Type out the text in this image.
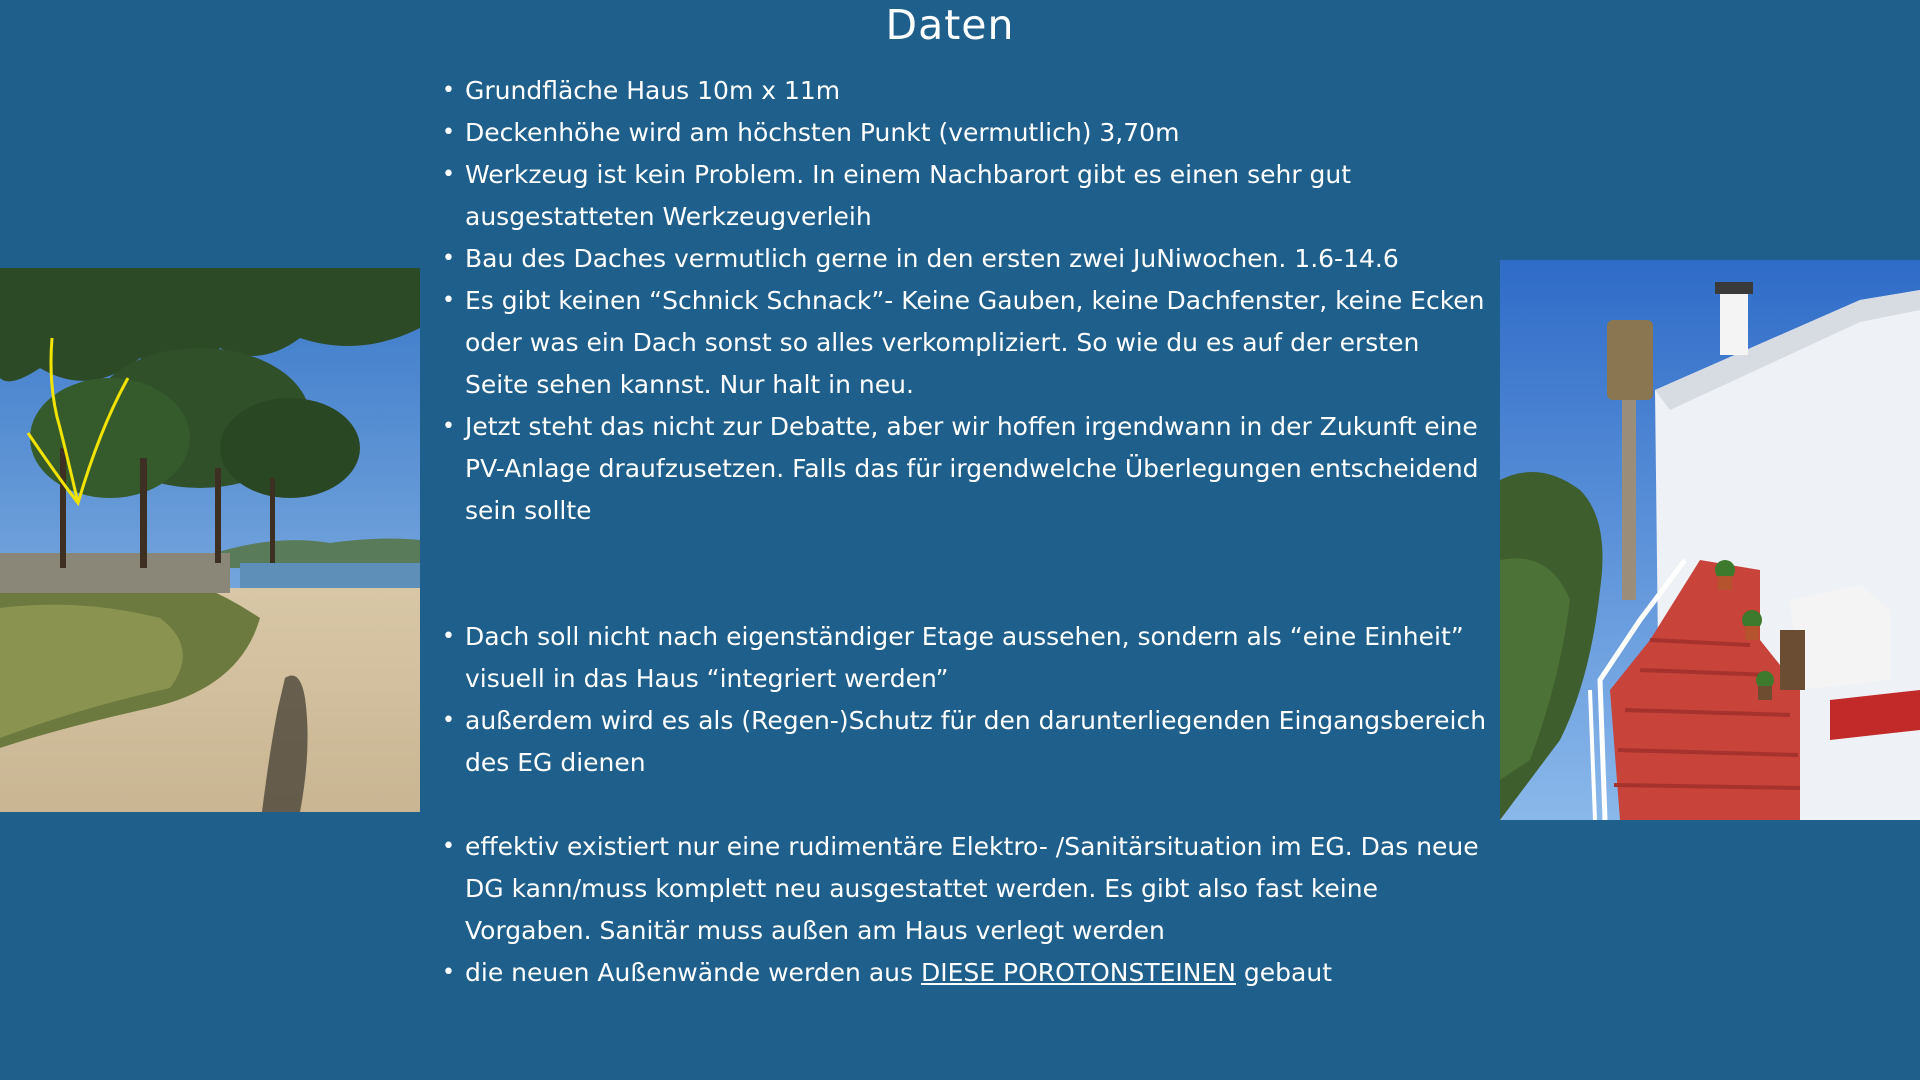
Daten
• Grundfläche Haus 10m x 11m
• Deckenhöhe wird am höchsten Punkt (vermutlich) 3,70m
• Werkzeug ist kein Problem. In einem Nachbarort gibt es einen sehr gut ausgestatteten Werkzeugverleih
• Bau des Daches vermutlich gerne in den ersten zwei JuNiwochen. 1.6-14.6
• Es gibt keinen “Schnick Schnack”- Keine Gauben, keine Dachfenster, keine Ecken oder was ein Dach sonst so alles verkompliziert. So wie du es auf der ersten Seite sehen kannst. Nur halt in neu.
• Jetzt steht das nicht zur Debatte, aber wir hoffen irgendwann in der Zukunft eine PV-Anlage draufzusetzen. Falls das für irgendwelche Überlegungen entscheidend sein sollte
• Dach soll nicht nach eigenständiger Etage aussehen, sondern als “eine Einheit” visuell in das Haus “integriert werden”
• außerdem wird es als (Regen-)Schutz für den darunterliegenden Eingangsbereich des EG dienen
• effektiv existiert nur eine rudimentäre Elektro- /Sanitärsituation im EG. Das neue DG kann/muss komplett neu ausgestattet werden. Es gibt also fast keine Vorgaben. Sanitär muss außen am Haus verlegt werden
• die neuen Außenwände werden aus DIESE POROTONSTEINEN gebaut
